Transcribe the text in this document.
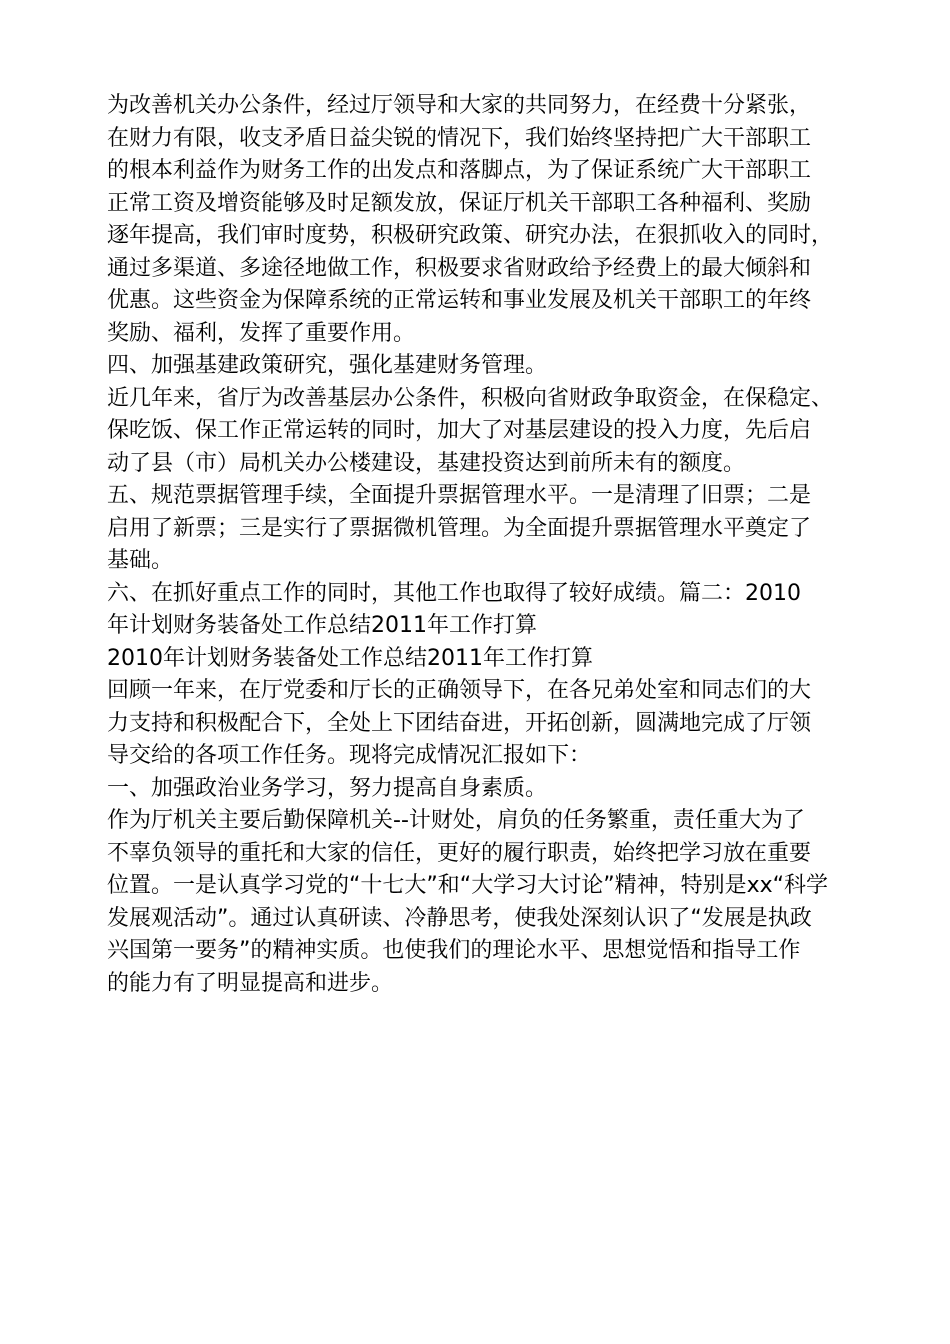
为改善机关办公条件，经过厅领导和大家的共同努力，在经费十分紧张，
在财力有限，收支矛盾日益尖锐的情况下，我们始终坚持把广大干部职工
的根本利益作为财务工作的出发点和落脚点，为了保证系统广大干部职工
正常工资及增资能够及时足额发放，保证厅机关干部职工各种福利、奖励
逐年提高，我们审时度势，积极研究政策、研究办法，在狠抓收入的同时，
通过多渠道、多途径地做工作，积极要求省财政给予经费上的最大倾斜和
优惠。这些资金为保障系统的正常运转和事业发展及机关干部职工的年终
奖励、福利，发挥了重要作用。
四、加强基建政策研究，强化基建财务管理。
近几年来，省厅为改善基层办公条件，积极向省财政争取资金，在保稳定、
保吃饭、保工作正常运转的同时，加大了对基层建设的投入力度，先后启
动了县（市）局机关办公楼建设，基建投资达到前所未有的额度。
五、规范票据管理手续，全面提升票据管理水平。一是清理了旧票；二是
启用了新票；三是实行了票据微机管理。为全面提升票据管理水平奠定了
基础。
六、在抓好重点工作的同时，其他工作也取得了较好成绩。篇二：2010
年计划财务装备处工作总结2011年工作打算
2010年计划财务装备处工作总结2011年工作打算
回顾一年来，在厅党委和厅长的正确领导下，在各兄弟处室和同志们的大
力支持和积极配合下，全处上下团结奋进，开拓创新，圆满地完成了厅领
导交给的各项工作任务。现将完成情况汇报如下：
一、加强政治业务学习，努力提高自身素质。
作为厅机关主要后勤保障机关--计财处，肩负的任务繁重，责任重大为了
不辜负领导的重托和大家的信任，更好的履行职责，始终把学习放在重要
位置。一是认真学习党的“十七大”和“大学习大讨论”精神，特别是xx“科学
发展观活动”。通过认真研读、冷静思考，使我处深刻认识了“发展是执政
兴国第一要务”的精神实质。也使我们的理论水平、思想觉悟和指导工作
的能力有了明显提高和进步。
